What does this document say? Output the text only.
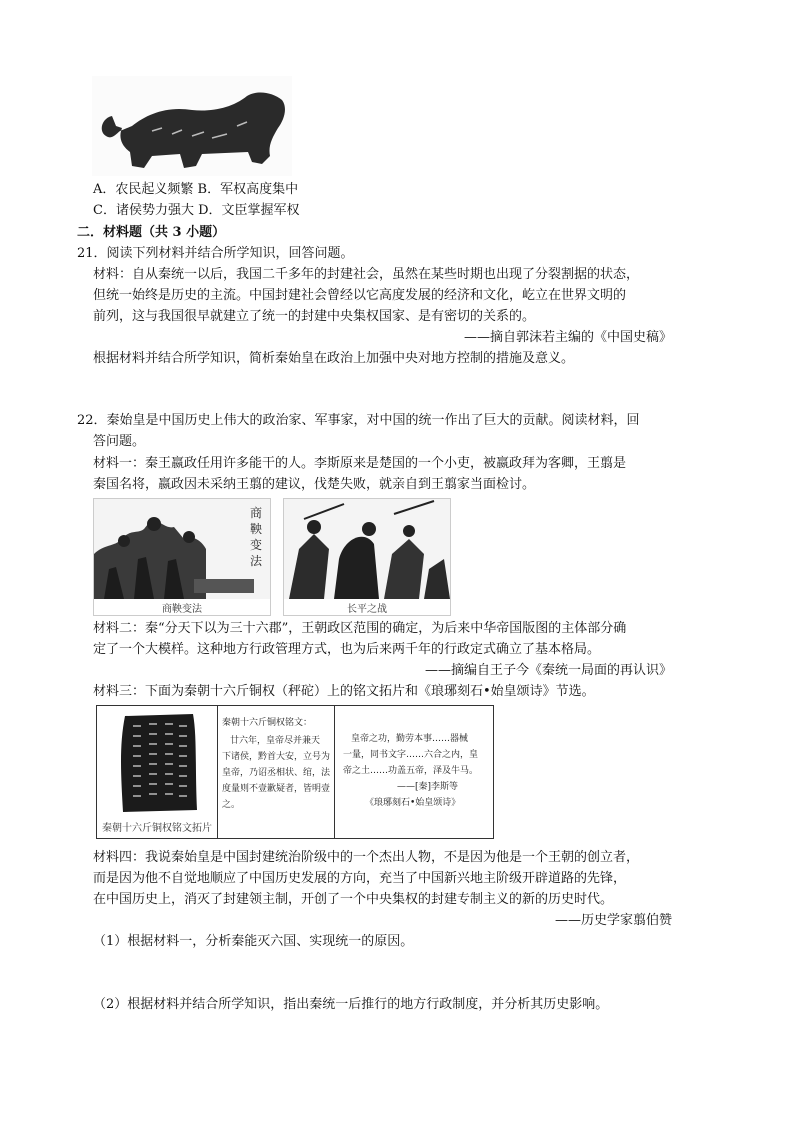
A．农民起义频繁 B．军权高度集中
C．诸侯势力强大 D．文臣掌握军权
二．材料题（共 3 小题）
21．阅读下列材料并结合所学知识，回答问题。
材料：自从秦统一以后，我国二千多年的封建社会，虽然在某些时期也出现了分裂割据的状态，
但统一始终是历史的主流。中国封建社会曾经以它高度发展的经济和文化，屹立在世界文明的
前列，这与我国很早就建立了统一的封建中央集权国家、是有密切的关系的。
——摘自郭沫若主编的《中国史稿》
根据材料并结合所学知识，简析秦始皇在政治上加强中央对地方控制的措施及意义。
22．秦始皇是中国历史上伟大的政治家、军事家，对中国的统一作出了巨大的贡献。阅读材料，回
答问题。
材料一：秦王嬴政任用许多能干的人。李斯原来是楚国的一个小吏，被嬴政拜为客卿，王翦是
秦国名将，嬴政因未采纳王翦的建议，伐楚失败，就亲自到王翦家当面检讨。
商鞅变法
商鞅变法	长平之战
材料二：秦“分天下以为三十六郡”，王朝政区范围的确定，为后来中华帝国版图的主体部分确
定了一个大模样。这种地方行政管理方式，也为后来两千年的行政定式确立了基本格局。
——摘编自王子今《秦统一局面的再认识》
材料三：下面为秦朝十六斤铜权（秤砣）上的铭文拓片和《琅琊刻石•始皇颂诗》节选。
秦朝十六斤铜权铭文拓片
秦朝十六斤铜权铭文：
廿六年，皇帝尽并兼天
下诸侯，黔首大安，立号为
皇帝，乃诏丞相状、绾，法
度量则不壹歉疑者，皆明壹
之。
皇帝之功，勤劳本事……器械
一量，同书文字……六合之内，皇
帝之土……功盖五帝，泽及牛马。
——[秦]李斯等
《琅琊刻石•始皇颂诗》
材料四：我说秦始皇是中国封建统治阶级中的一个杰出人物，不是因为他是一个王朝的创立者，
而是因为他不自觉地顺应了中国历史发展的方向，充当了中国新兴地主阶级开辟道路的先锋，
在中国历史上，消灭了封建领主制，开创了一个中央集权的封建专制主义的新的历史时代。
——历史学家翦伯赞
（1）根据材料一，分析秦能灭六国、实现统一的原因。
（2）根据材料并结合所学知识，指出秦统一后推行的地方行政制度，并分析其历史影响。
